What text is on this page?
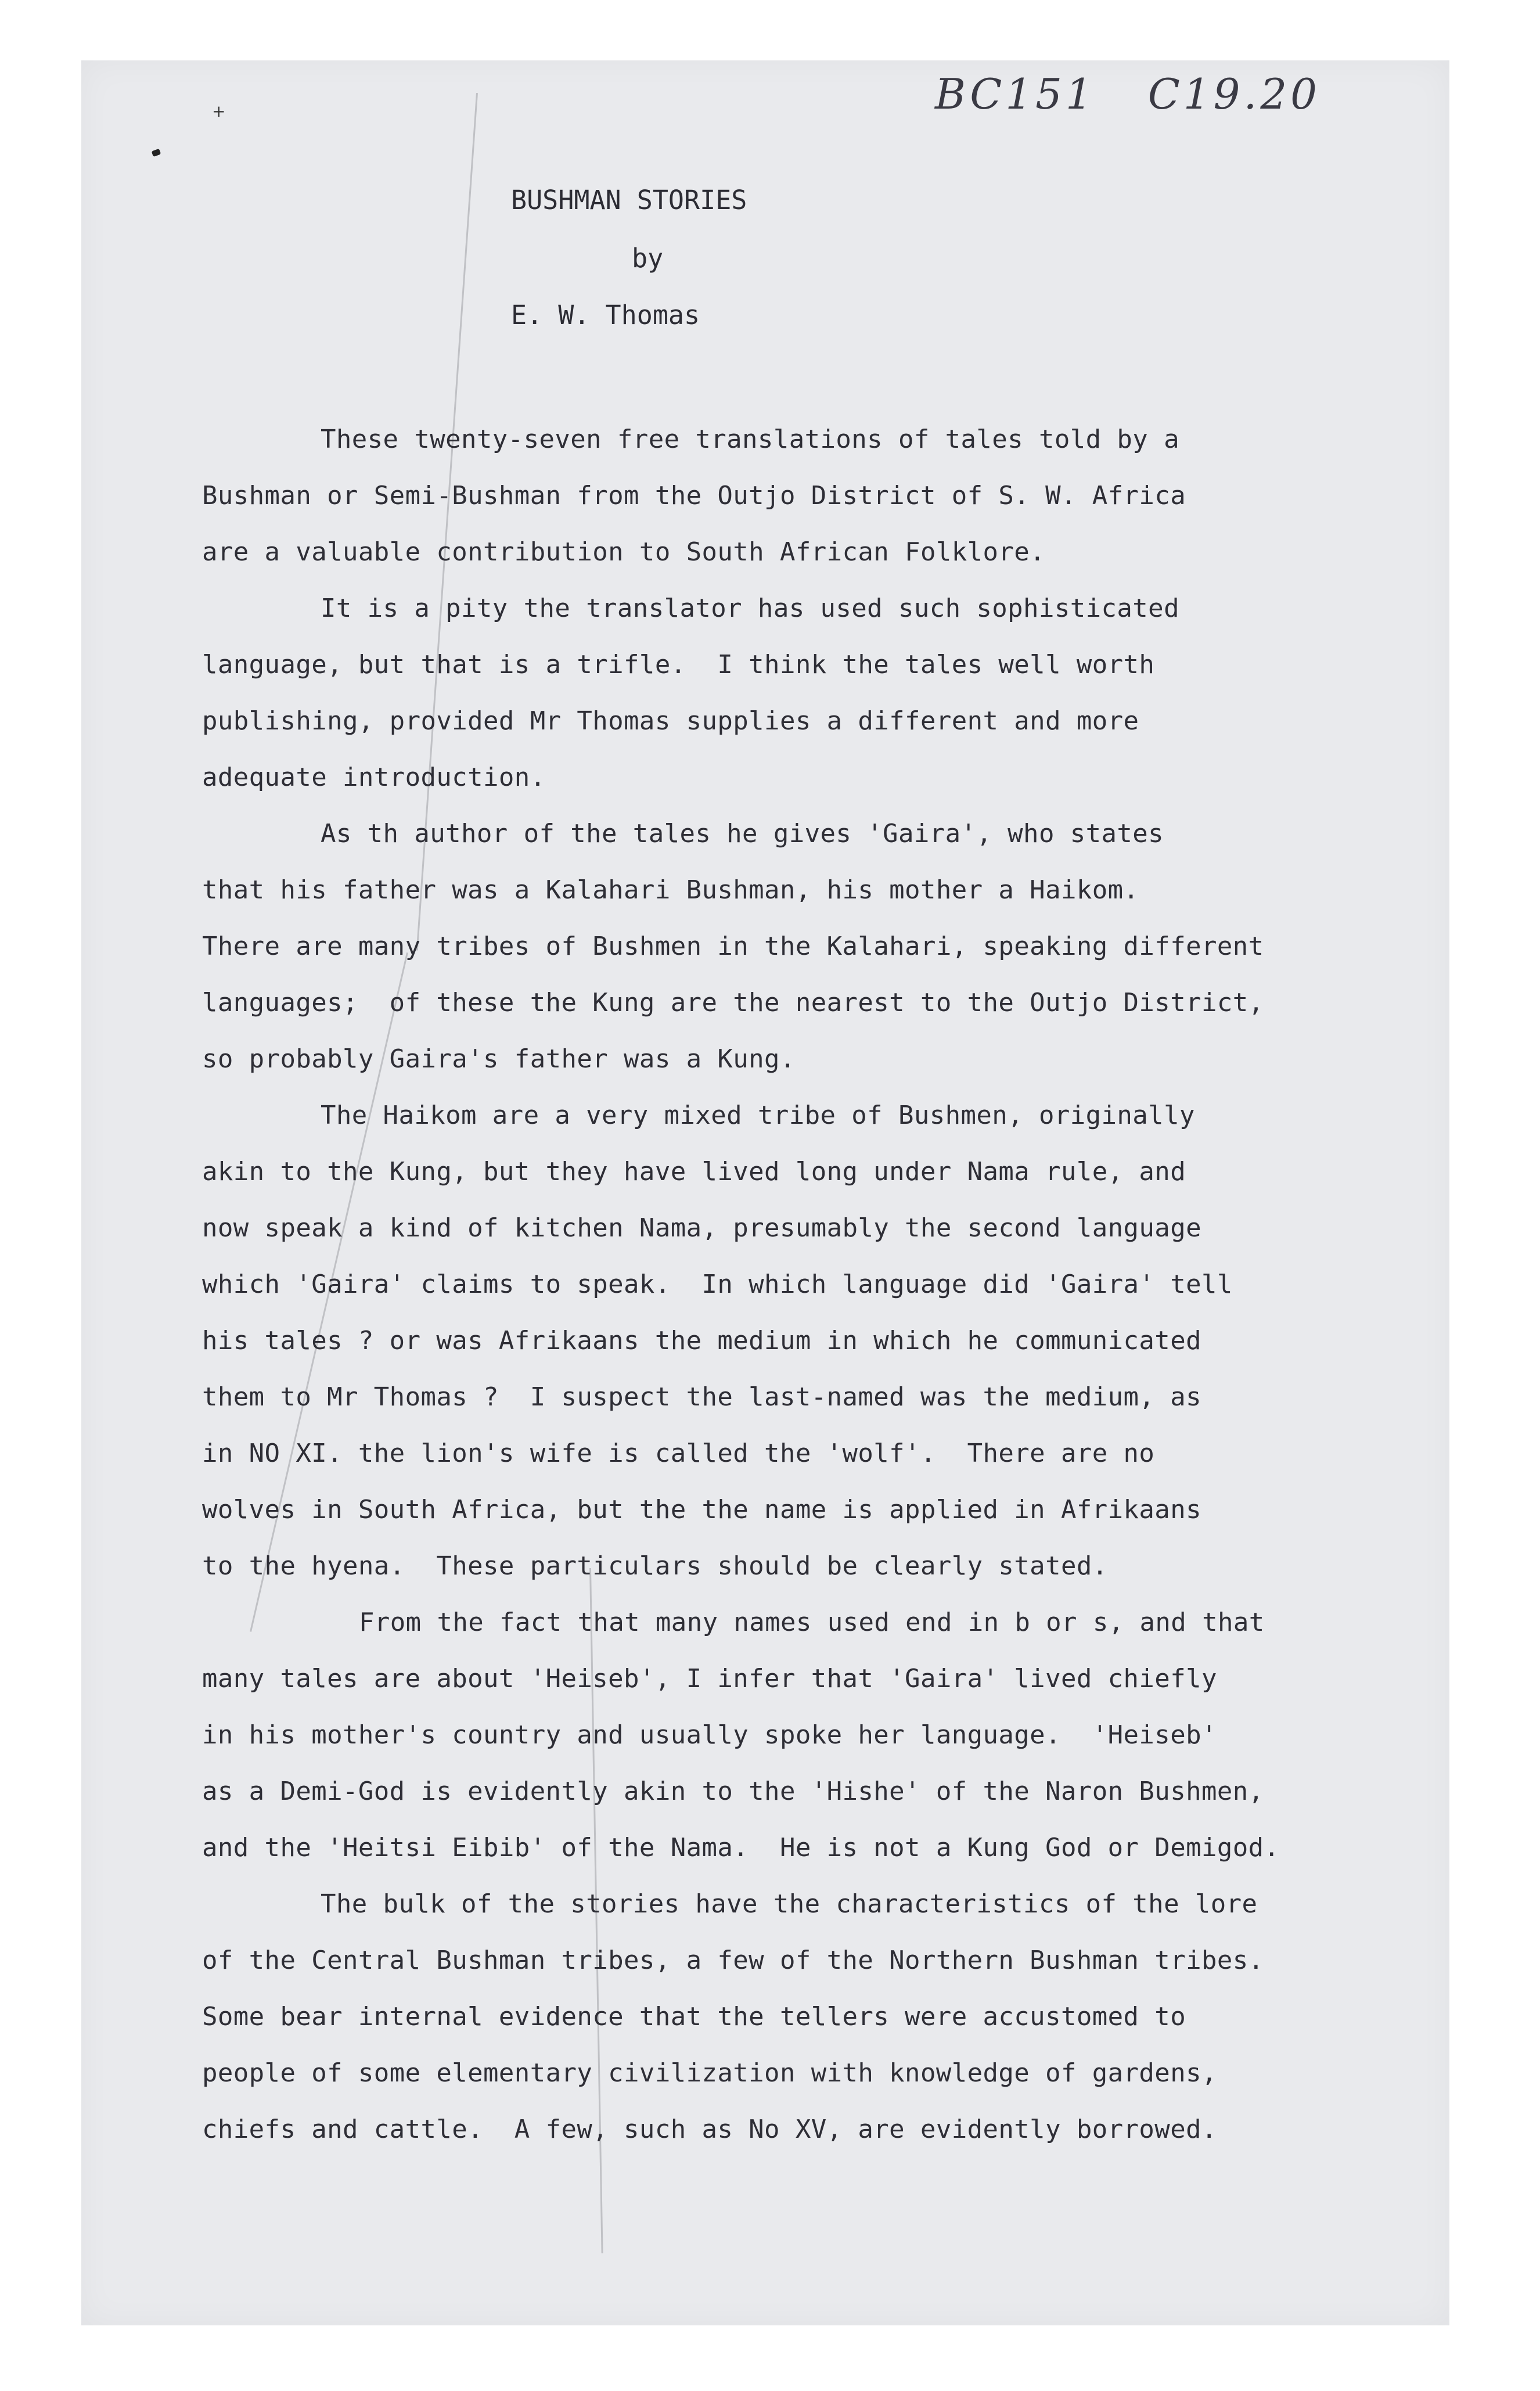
+	BC151 C19.20
BUSHMAN STORIES
by
E. W. Thomas
These twenty-seven free translations of tales told by a
Bushman or Semi-Bushman from the Outjo District of S. W. Africa
are a valuable contribution to South African Folklore.
It is a pity the translator has used such sophisticated
language, but that is a trifle.  I think the tales well worth
publishing, provided Mr Thomas supplies a different and more
adequate introduction.
As th author of the tales he gives 'Gaira', who states
that his father was a Kalahari Bushman, his mother a Haikom.
There are many tribes of Bushmen in the Kalahari, speaking different
languages;  of these the Kung are the nearest to the Outjo District,
so probably Gaira's father was a Kung.
The Haikom are a very mixed tribe of Bushmen, originally
akin to the Kung, but they have lived long under Nama rule, and
now speak a kind of kitchen Nama, presumably the second language
which 'Gaira' claims to speak.  In which language did 'Gaira' tell
his tales ? or was Afrikaans the medium in which he communicated
them to Mr Thomas ?  I suspect the last-named was the medium, as
in NO XI. the lion's wife is called the 'wolf'.  There are no
wolves in South Africa, but the the name is applied in Afrikaans
to the hyena.  These particulars should be clearly stated.
From the fact that many names used end in b or s, and that
many tales are about 'Heiseb', I infer that 'Gaira' lived chiefly
in his mother's country and usually spoke her language.  'Heiseb'
as a Demi-God is evidently akin to the 'Hishe' of the Naron Bushmen,
and the 'Heitsi Eibib' of the Nama.  He is not a Kung God or Demigod.
The bulk of the stories have the characteristics of the lore
of the Central Bushman tribes, a few of the Northern Bushman tribes.
Some bear internal evidence that the tellers were accustomed to
people of some elementary civilization with knowledge of gardens,
chiefs and cattle.  A few, such as No XV, are evidently borrowed.
